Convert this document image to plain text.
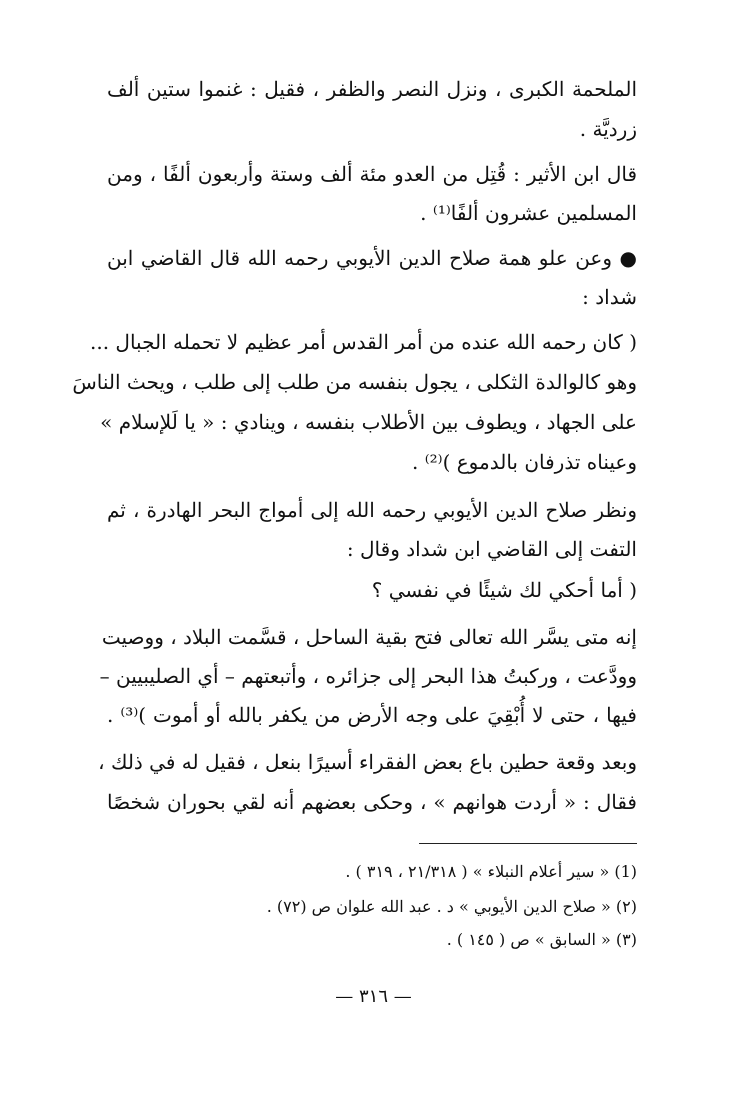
الملحمة الكبرى ، ونزل النصر والظفر ، فقيل : غنموا ستين ألف
زرديَّة .
قال ابن الأثير : قُتِل من العدو مئة ألف وستة وأربعون ألفًا ، ومن
المسلمين عشرون ألفًا⁽¹⁾ .
● وعن علو همة صلاح الدين الأيوبي رحمه الله قال القاضي ابن
شداد :
( كان رحمه الله عنده من أمر القدس أمر عظيم لا تحمله الجبال ...
وهو كالوالدة الثكلى ، يجول بنفسه من طلب إلى طلب ، ويحث الناسَ
على الجهاد ، ويطوف بين الأطلاب بنفسه ، وينادي : « يا لَلإسلام »
وعيناه تذرفان بالدموع )⁽²⁾ .
ونظر صلاح الدين الأيوبي رحمه الله إلى أمواج البحر الهادرة ، ثم
التفت إلى القاضي ابن شداد وقال :
( أما أحكي لك شيئًا في نفسي ؟
إنه متى يسَّر الله تعالى فتح بقية الساحل ، قسَّمت البلاد ، ووصيت
وودَّعت ، وركبتُ هذا البحر إلى جزائره ، وأتبعتهم – أي الصليبيين –
فيها ، حتى لا أُبْقِيَ على وجه الأرض من يكفر بالله أو أموت )⁽³⁾ .
وبعد وقعة حطين باع بعض الفقراء أسيرًا بنعل ، فقيل له في ذلك ،
فقال : « أردت هوانهم » ، وحكى بعضهم أنه لقي بحوران شخصًا
(1) « سير أعلام النبلاء » ( ٢١/٣١٨ ، ٣١٩ ) .
(٢) « صلاح الدين الأيوبي » د . عبد الله علوان ص (٧٢) .
(٣) « السابق » ص ( ١٤٥ ) .
— ٣١٦ —
